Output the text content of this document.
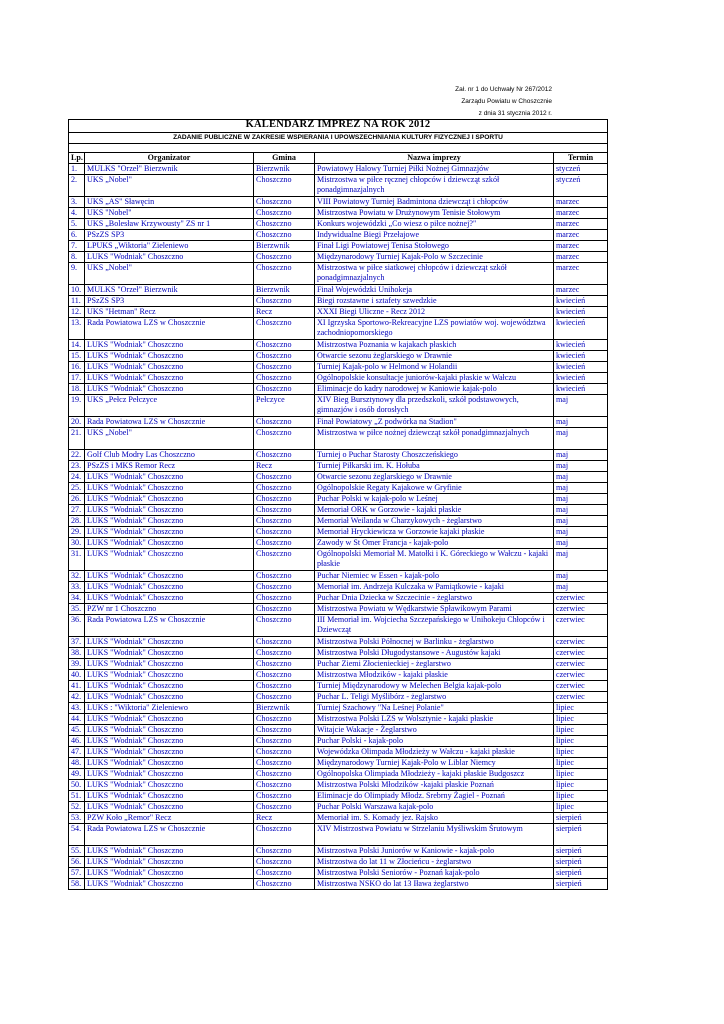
Zał. nr 1 do Uchwały Nr 267/2012
Zarządu Powiatu w Choszcznie
z dnia 31 stycznia 2012 r.
KALENDARZ IMPREZ NA ROK 2012				
ZADANIE PUBLICZNE W ZAKRESIE WSPIERANIA I UPOWSZECHNIANIA KULTURY FIZYCZNEJ I SPORTU				

Lp.	Organizator	Gmina	Nazwa imprezy	Termin
1.	MULKS "Orzeł" Bierzwnik	Bierzwnik	Powiatowy Halowy Turniej Piłki Nożnej Gimnazjów	styczeń
2.	UKS „Nobel"	Choszczno	Mistrzostwa w piłce ręcznej chłopców i dziewcząt szkół ponadgimnazjalnych	styczeń
3.	UKS „AS" Sławęcin	Choszczno	VIII Powiatowy Turniej Badmintona dziewcząt i chłopców	marzec
4.	UKS "Nobel"	Choszczno	Mistrzostwa Powiatu w Drużynowym Tenisie Stołowym	marzec
5.	UKS „Bolesław Krzywousty" ZS nr 1	Choszczno	Konkurs wojewódzki „Co wiesz o piłce nożnej?"	marzec
6.	PSzZS SP3	Choszczno	Indywidualne Biegi Przełajowe	marzec
7.	LPUKS „Wiktoria" Zieleniewo	Bierzwnik	Finał Ligi Powiatowej Tenisa Stołowego	marzec
8.	LUKS "Wodniak" Choszczno	Choszczno	Międzynarodowy Turniej Kajak-Polo w Szczecinie	marzec
9.	UKS „Nobel"	Choszczno	Mistrzostwa w piłce siatkowej chłopców i dziewcząt szkół ponadgimnazjalnych	marzec
10.	MULKS "Orzeł" Bierzwnik	Bierzwnik	Finał Wojewódzki Unihokeja	marzec
11.	PSzZS SP3	Choszczno	Biegi rozstawne i sztafety szwedzkie	kwiecień
12.	UKS "Hetman" Recz	Recz	XXXI Biegi Uliczne - Recz 2012	kwiecień
13.	Rada Powiatowa LZS w Choszcznie	Choszczno	XI Igrzyska Sportowo-Rekreacyjne LZS powiatów woj. województwa zachodniopomorskiego	kwiecień
14.	LUKS "Wodniak" Choszczno	Choszczno	Mistrzostwa Poznania w kajakach płaskich	kwiecień
15.	LUKS "Wodniak" Choszczno	Choszczno	Otwarcie sezonu żeglarskiego w Drawnie	kwiecień
16.	LUKS "Wodniak" Choszczno	Choszczno	Turniej Kajak-polo w Helmond w Holandii	kwiecień
17.	LUKS "Wodniak" Choszczno	Choszczno	Ogólnopolskie konsultacje juniorów-kajaki płaskie w Wałczu	kwiecień
18.	LUKS "Wodniak" Choszczno	Choszczno	Eliminacje do kadry narodowej w Kaniowie kajak-polo	kwiecień
19.	UKS „Pełcz Pełczyce	Pełczyce	XIV Bieg Bursztynowy dla przedszkoli, szkół podstawowych, gimnazjów i osób dorosłych	maj
20.	Rada Powiatowa LZS w Choszcznie	Choszczno	Finał Powiatowy „Z podwórka na Stadion"	maj
21.	UKS „Nobel"	Choszczno	Mistrzostwa w piłce nożnej dziewcząt szkół ponadgimnazjalnych	maj
22.	Golf Club Modry Las Choszczno	Choszczno	Turniej o Puchar Starosty Choszczeńskiego	maj
23.	PSzZS i MKS Remor Recz	Recz	Turniej Piłkarski im. K. Hołuba	maj
24.	LUKS "Wodniak" Choszczno	Choszczno	Otwarcie sezonu żeglarskiego w Drawnie	maj
25.	LUKS "Wodniak" Choszczno	Choszczno	Ogólnopolskie Regaty Kajakowe w Gryfinie	maj
26.	LUKS "Wodniak" Choszczno	Choszczno	Puchar Polski w kajak-polo w Leśnej	maj
27.	LUKS "Wodniak" Choszczno	Choszczno	Memoriał ORK w Gorzowie - kajaki płaskie	maj
28.	LUKS "Wodniak" Choszczno	Choszczno	Memoriał Weilanda w Charzykowych - żeglarstwo	maj
29.	LUKS "Wodniak" Choszczno	Choszczno	Memoriał Hryckiewicza w Gorzowie kajaki płaskie	maj
30.	LUKS "Wodniak" Choszczno	Choszczno	Zawody w St Omer Francja - kajak-polo	maj
31.	LUKS "Wodniak" Choszczno	Choszczno	Ogólnopolski Memoriał M. Matołki i K. Góreckiego w Wałczu - kajaki płaskie	maj
32.	LUKS "Wodniak" Choszczno	Choszczno	Puchar Niemiec w Essen - kajak-polo	maj
33.	LUKS "Wodniak" Choszczno	Choszczno	Memoriał im. Andrzeja Kulczaka w Pamiątkowie - kajaki	maj
34.	LUKS "Wodniak" Choszczno	Choszczno	Puchar Dnia Dziecka w Szczecinie - żeglarstwo	czerwiec
35.	PZW nr 1 Choszczno	Choszczno	Mistrzostwa Powiatu w Wędkarstwie Spławikowym Parami	czerwiec
36.	Rada Powiatowa LZS w Choszcznie	Choszczno	III Memoriał im. Wojciecha Szczepańskiego w Unihokeju Chłopców i Dziewcząt	czerwiec
37.	LUKS "Wodniak" Choszczno	Choszczno	Mistrzostwa Polski Północnej w Barlinku - żeglarstwo	czerwiec
38.	LUKS "Wodniak" Choszczno	Choszczno	Mistrzostwa Polski Długodystansowe - Augustów kajaki	czerwiec
39.	LUKS "Wodniak" Choszczno	Choszczno	Puchar Ziemi Złocienieckiej - żeglarstwo	czerwiec
40.	LUKS "Wodniak" Choszczno	Choszczno	Mistrzostwa Młodzików - kajaki płaskie	czerwiec
41.	LUKS "Wodniak" Choszczno	Choszczno	Turniej Międzynarodowy w Melechen Belgia kajak-polo	czerwiec
42.	LUKS "Wodniak" Choszczno	Choszczno	Puchar L. Teligi Myślibórz - żeglarstwo	czerwiec
43.	LUKS : "Wiktoria" Zieleniewo	Bierzwnik	Turniej Szachowy "Na Leśnej Polanie"	lipiec
44.	LUKS "Wodniak" Choszczno	Choszczno	Mistrzostwa Polski LZS w Wolsztynie - kajaki płaskie	lipiec
45.	LUKS "Wodniak" Choszczno	Choszczno	Witajcie Wakacje - Żeglarstwo	lipiec
46.	LUKS "Wodniak" Choszczno	Choszczno	Puchar Polski - kajak-polo	lipiec
47.	LUKS "Wodniak" Choszczno	Choszczno	Wojewódzka Olimpada Młodzieży w Wałczu - kajaki płaskie	lipiec
48.	LUKS "Wodniak" Choszczno	Choszczno	Międzynarodowy Turniej Kajak-Polo w Liblar Niemcy	lipiec
49.	LUKS "Wodniak" Choszczno	Choszczno	Ogólnopolska Olimpiada Młodzieży - kajaki płaskie Budgoszcz	lipiec
50.	LUKS "Wodniak" Choszczno	Choszczno	Mistrzostwa Polski Młodzików -kajaki płaskie Poznań	lipiec
51.	LUKS "Wodniak" Choszczno	Choszczno	Eliminacje do Olimpiady Młodz. Srebrny Żagiel - Poznań	lipiec
52.	LUKS "Wodniak" Choszczno	Choszczno	Puchar Polski Warszawa kajak-polo	lipiec
53.	PZW Koło „Remor" Recz	Recz	Memoriał im. S. Komady jez. Rajsko	sierpień
54.	Rada Powiatowa LZS w Choszcznie	Choszczno	XIV Mistrzostwa Powiatu w Strzelaniu Myśliwskim Śrutowym	sierpień
55.	LUKS "Wodniak" Choszczno	Choszczno	Mistrzostwa Polski Juniorów w Kaniowie - kajak-polo	sierpień
56.	LUKS "Wodniak" Choszczno	Choszczno	Mistrzostwa do lat 11 w Złocieńcu - żeglarstwo	sierpień
57.	LUKS "Wodniak" Choszczno	Choszczno	Mistrzostwa Polski Seniorów - Poznań kajak-polo	sierpień
58.	LUKS "Wodniak" Choszczno	Choszczno	Mistrzostwa NSKO do lat 13 Iława żeglarstwo	sierpień
